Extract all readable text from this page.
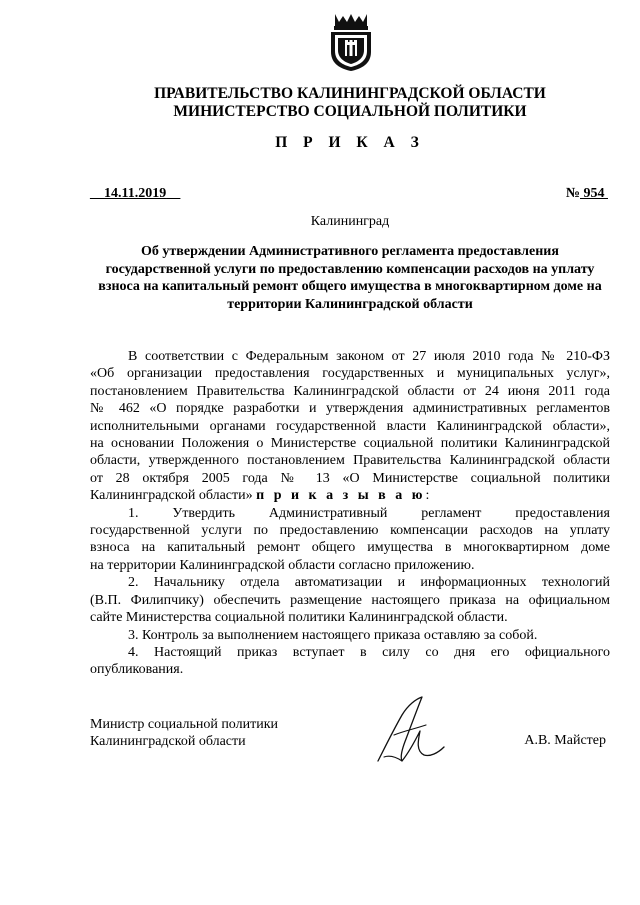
ПРАВИТЕЛЬСТВО КАЛИНИНГРАДСКОЙ ОБЛАСТИ
МИНИСТЕРСТВО СОЦИАЛЬНОЙ ПОЛИТИКИ
П Р И К А З
__14.11.2019__	№ 954
Калининград
Об утверждении Административного регламента предоставления
государственной услуги по предоставлению компенсации расходов на уплату
взноса на капитальный ремонт общего имущества в многоквартирном доме на
территории Калининградской области
В соответствии с Федеральным законом от 27 июля 2010 года № 210-ФЗ
«Об организации предоставления государственных и муниципальных услуг»,
постановлением Правительства Калининградской области от 24 июня 2011 года
№ 462 «О порядке разработки и утверждения административных регламентов
исполнительными органами государственной власти Калининградской области»,
на основании Положения о Министерстве социальной политики Калининградской
области, утвержденного постановлением Правительства Калининградской области
от 28 октября 2005 года № 13 «О Министерстве социальной политики
Калининградской области» п р и к а з ы в а ю:
1.      Утвердить      Административный      регламент      предоставления
государственной услуги по предоставлению компенсации расходов на уплату
взноса на капитальный ремонт общего имущества в многоквартирном доме
на территории Калининградской области согласно приложению.
2. Начальнику отдела автоматизации и информационных технологий
(В.П. Филипчику) обеспечить размещение настоящего приказа на официальном
сайте Министерства социальной политики Калининградской области.
3. Контроль за выполнением настоящего приказа оставляю за собой.
4. Настоящий приказ вступает в силу со дня его официального
опубликования.
Министр социальной политики
Калининградской области	А.В. Майстер
